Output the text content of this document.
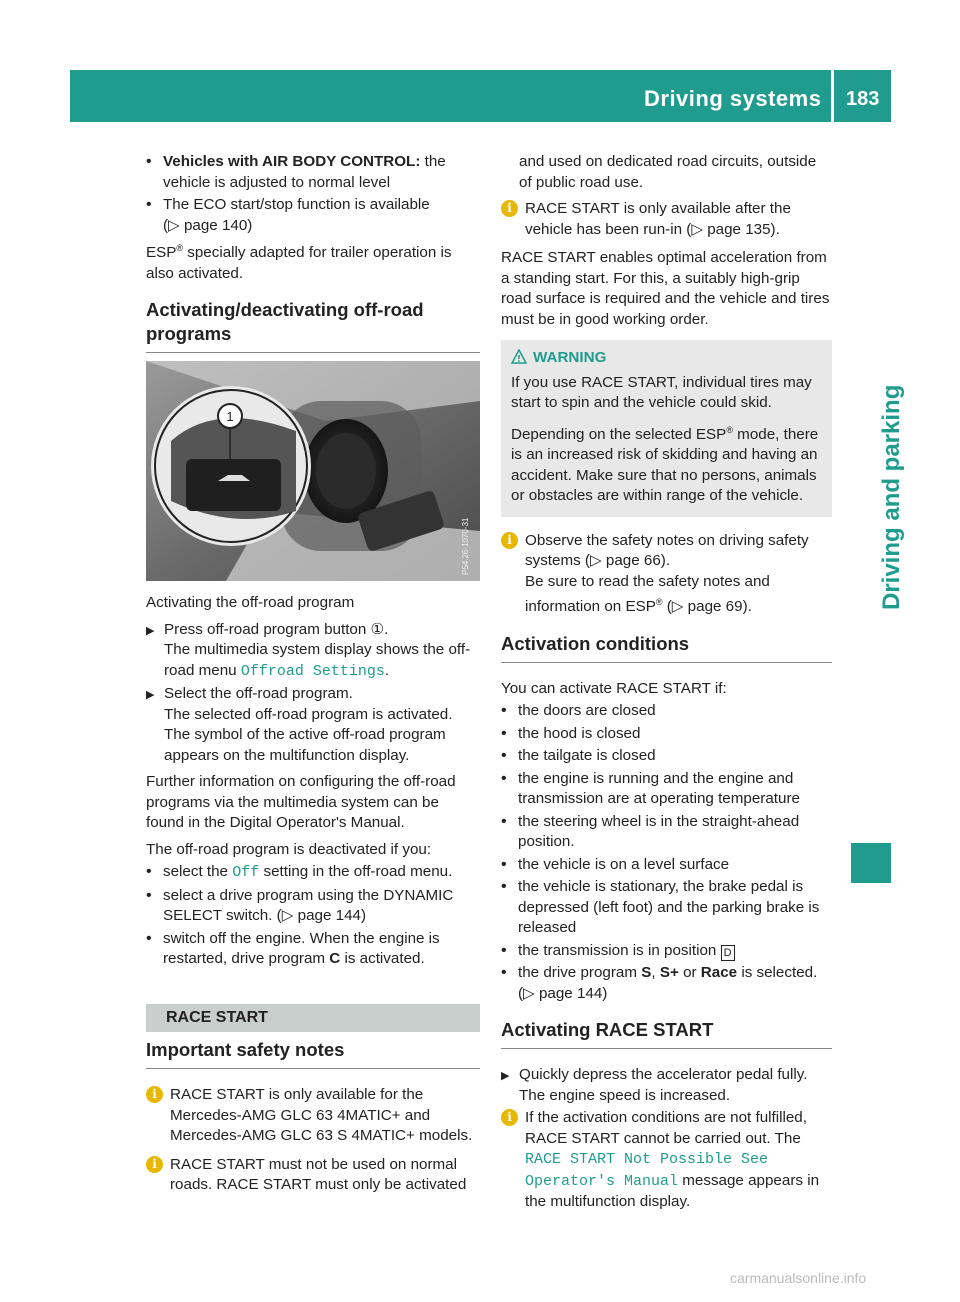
Driving systems 183
Driving and parking
• Vehicles with AIR BODY CONTROL: the vehicle is adjusted to normal level
• The ECO start/stop function is available
(▷ page 140)

ESP® specially adapted for trailer operation is also activated.

Activating/deactivating off-road programs
1
P54.26-1070-31

Activating the off-road program

▶ Press off-road program button ①.
The multimedia system display shows the off-road menu Offroad Settings.
▶ Select the off-road program.
The selected off-road program is activated. The symbol of the active off-road program appears on the multifunction display.

Further information on configuring the off-road programs via the multimedia system can be found in the Digital Operator's Manual.

The off-road program is deactivated if you:

• select the Off setting in the off-road menu.
• select a drive program using the DYNAMIC SELECT switch. (▷ page 144)
• switch off the engine. When the engine is restarted, drive program C is activated.
RACE START
Important safety notes
i RACE START is only available for the Mercedes-AMG GLC 63 4MATIC+ and Mercedes-AMG GLC 63 S 4MATIC+ models.
i RACE START must not be used on normal roads. RACE START must only be activated

and used on dedicated road circuits, outside of public road use.

i RACE START is only available after the vehicle has been run-in (▷ page 135).

RACE START enables optimal acceleration from a standing start. For this, a suitably high-grip road surface is required and the vehicle and tires must be in good working order.

WARNING

If you use RACE START, individual tires may start to spin and the vehicle could skid.

Depending on the selected ESP® mode, there is an increased risk of skidding and having an accident. Make sure that no persons, animals or obstacles are within range of the vehicle.

i Observe the safety notes on driving safety systems (▷ page 66).
Be sure to read the safety notes and information on ESP® (▷ page 69).
Activation conditions

You can activate RACE START if:

• the doors are closed
• the hood is closed
• the tailgate is closed
• the engine is running and the engine and transmission are at operating temperature
• the steering wheel is in the straight-ahead position.
• the vehicle is on a level surface
• the vehicle is stationary, the brake pedal is depressed (left foot) and the parking brake is released
• the transmission is in position D
• the drive program S, S+ or Race is selected.
(▷ page 144)
Activating RACE START
▶ Quickly depress the accelerator pedal fully.
The engine speed is increased.
i If the activation conditions are not fulfilled, RACE START cannot be carried out. The RACE START Not Possible See Operator's Manual message appears in the multifunction display.
carmanualsonline.info
